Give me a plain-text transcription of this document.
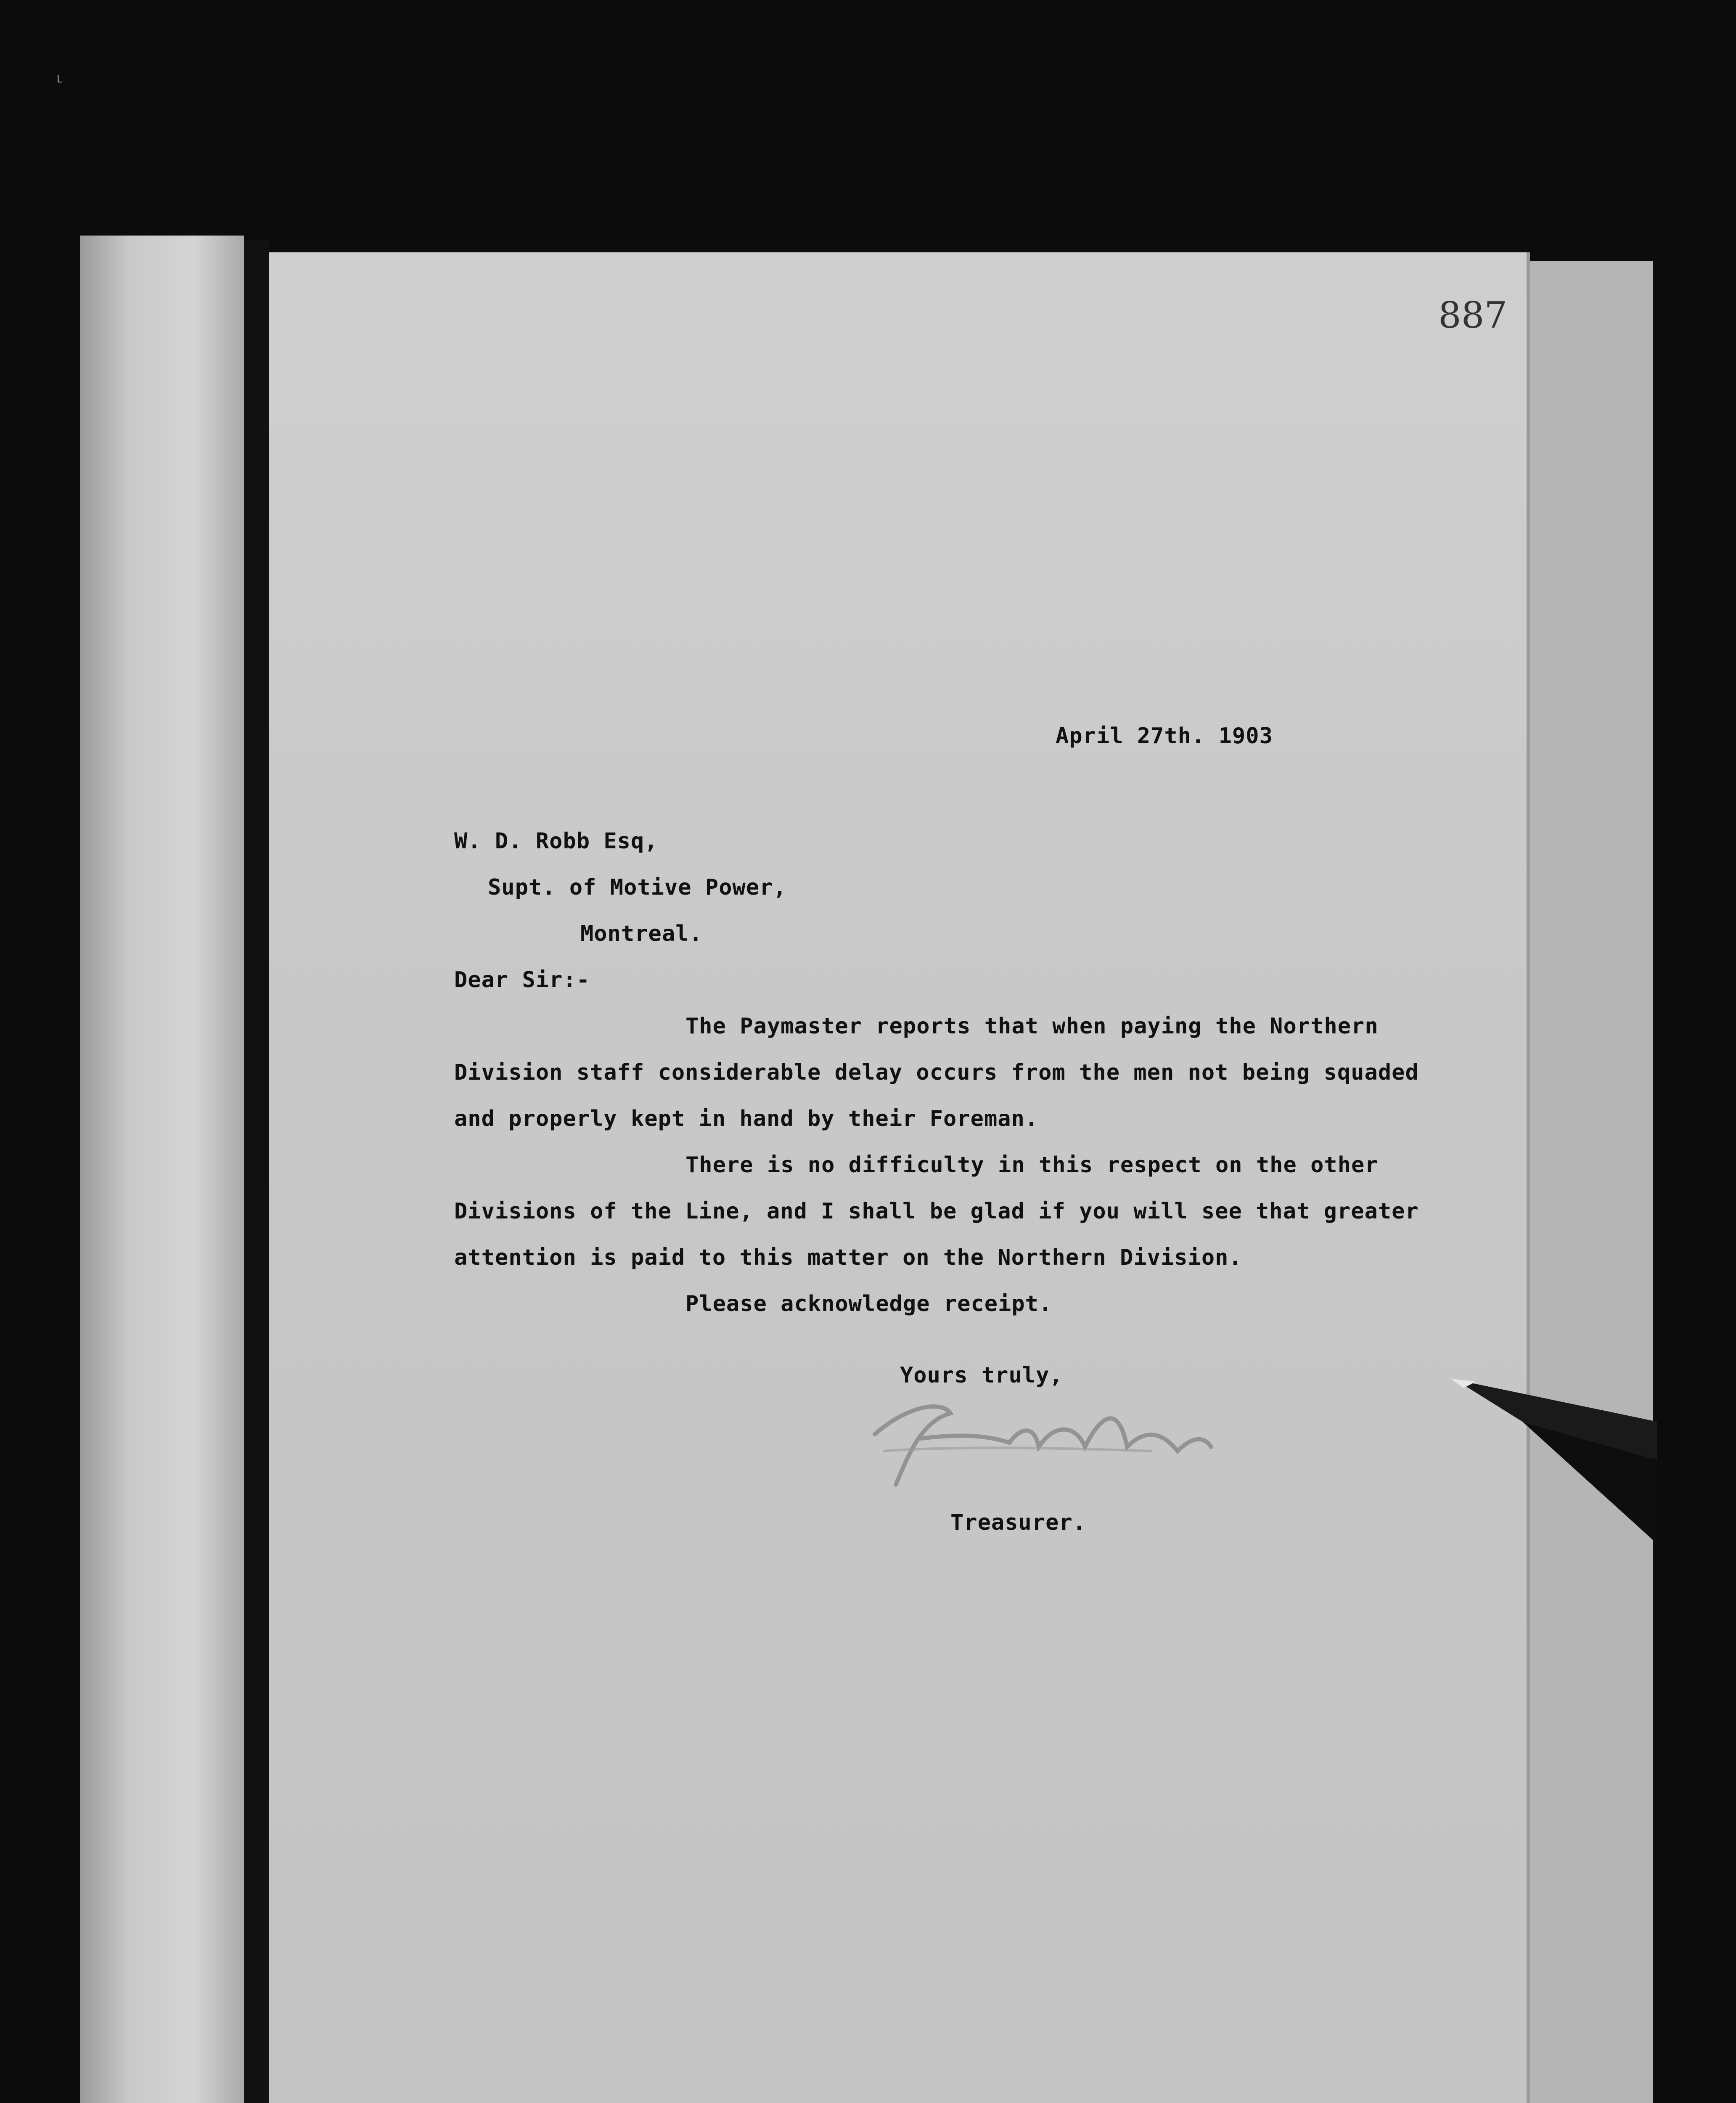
˪
887
April 27th. 1903
W. D. Robb Esq,
Supt. of Motive Power,
Montreal.
Dear Sir:-
The Paymaster reports that when paying the Northern
Division staff considerable delay occurs from the men not being squaded
and properly kept in hand by their Foreman.
There is no difficulty in this respect on the other
Divisions of the Line, and I shall be glad if you will see that greater
attention is paid to this matter on the Northern Division.
Please acknowledge receipt.
Yours truly,
Treasurer.
